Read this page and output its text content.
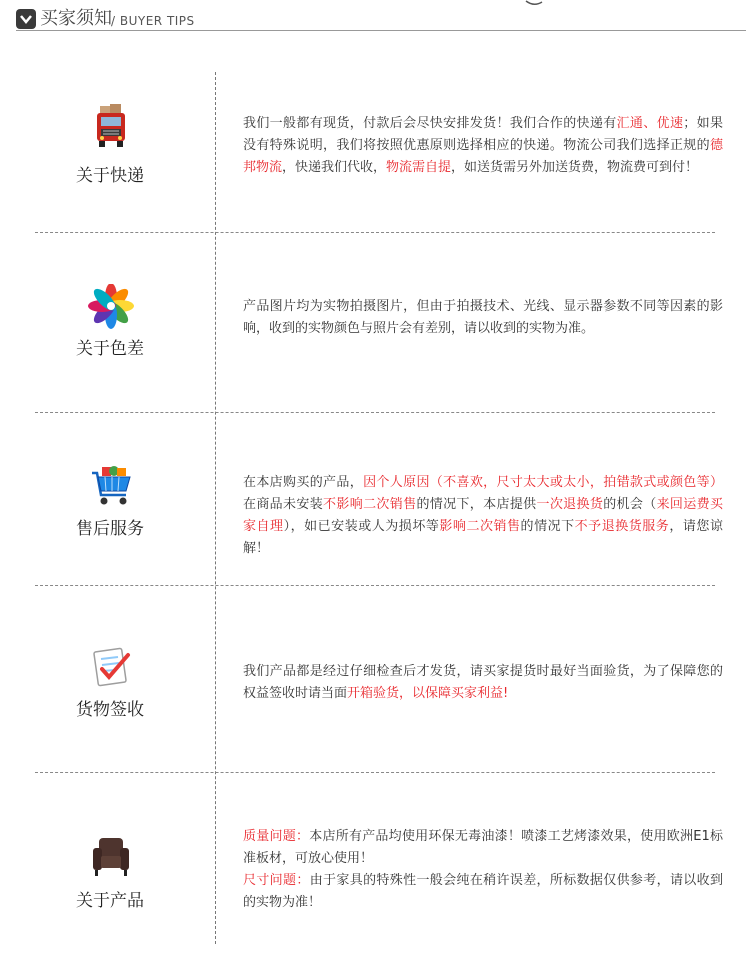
买家须知 / BUYER TIPS
关于快递
我们一般都有现货，付款后会尽快安排发货！我们合作的快递有汇通、优速；如果没有特殊说明，我们将按照优惠原则选择相应的快递。物流公司我们选择正规的德邦物流，快递我们代收，物流需自提，如送货需另外加送货费，物流费可到付！
关于色差
产品图片均为实物拍摄图片，但由于拍摄技术、光线、显示器参数不同等因素的影响，收到的实物颜色与照片会有差别，请以收到的实物为准。
售后服务
在本店购买的产品，因个人原因（不喜欢，尺寸太大或太小，拍错款式或颜色等）在商品未安装不影响二次销售的情况下，本店提供一次退换货的机会（来回运费买家自理），如已安装或人为损坏等影响二次销售的情况下不予退换货服务，请您谅解！
货物签收
我们产品都是经过仔细检查后才发货，请买家提货时最好当面验货，为了保障您的权益签收时请当面开箱验货，以保障买家利益!
关于产品
质量问题：本店所有产品均使用环保无毒油漆！喷漆工艺烤漆效果，使用欧洲E1标准板材，可放心使用！
尺寸问题：由于家具的特殊性一般会纯在稍许误差，所标数据仅供参考，请以收到的实物为准！
